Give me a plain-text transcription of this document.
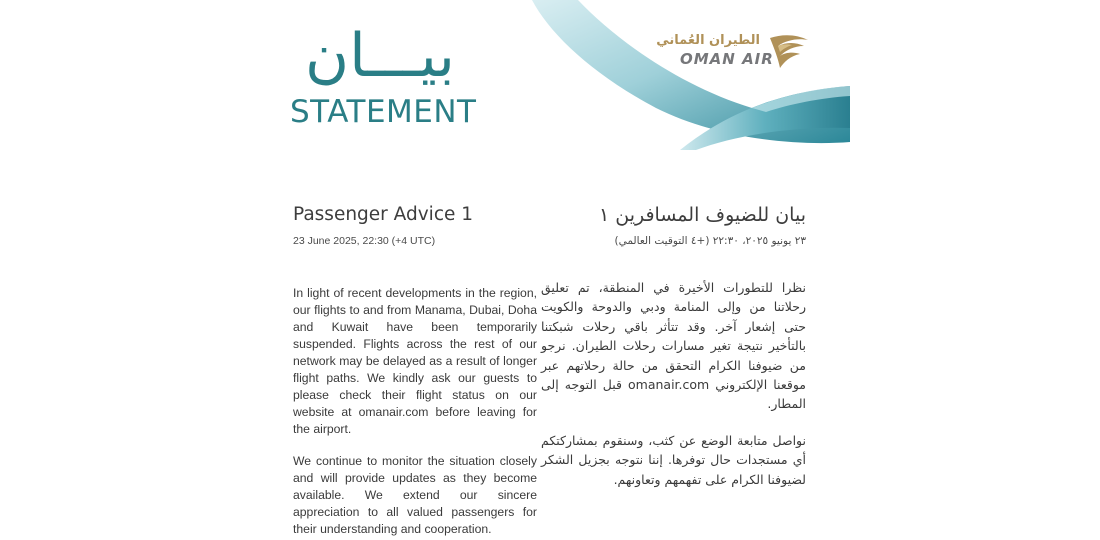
بيـــان
STATEMENT
الطيران العُماني
OMAN AIR
Passenger Advice 1
23 June 2025, 22:30 (+4 UTC)

In light of recent developments in the region, our flights to and from Manama, Dubai, Doha and Kuwait have been temporarily suspended. Flights across the rest of our network may be delayed as a result of longer flight paths. We kindly ask our guests to please check their flight status on our website at omanair.com before leaving for the airport.

We continue to monitor the situation closely and will provide updates as they become available. We extend our sincere appreciation to all valued passengers for their understanding and cooperation.

بيان للضيوف المسافرين ١
٢٣ يونيو ٢٠٢٥، ٢٢:٣٠ (+٤ التوقيت العالمي)

نظرا للتطورات الأخيرة في المنطقة، تم تعليق رحلاتنا من وإلى المنامة ودبي والدوحة والكويت حتى إشعار آخر. وقد تتأثر باقي رحلات شبكتنا بالتأخير نتيجة تغير مسارات رحلات الطيران. نرجو من ضيوفنا الكرام التحقق من حالة رحلاتهم عبر موقعنا الإلكتروني omanair.com قبل التوجه إلى المطار.

نواصل متابعة الوضع عن كثب، وسنقوم بمشاركتكم أي مستجدات حال توفرها. إننا نتوجه بجزيل الشكر لضيوفنا الكرام على تفهمهم وتعاونهم.
